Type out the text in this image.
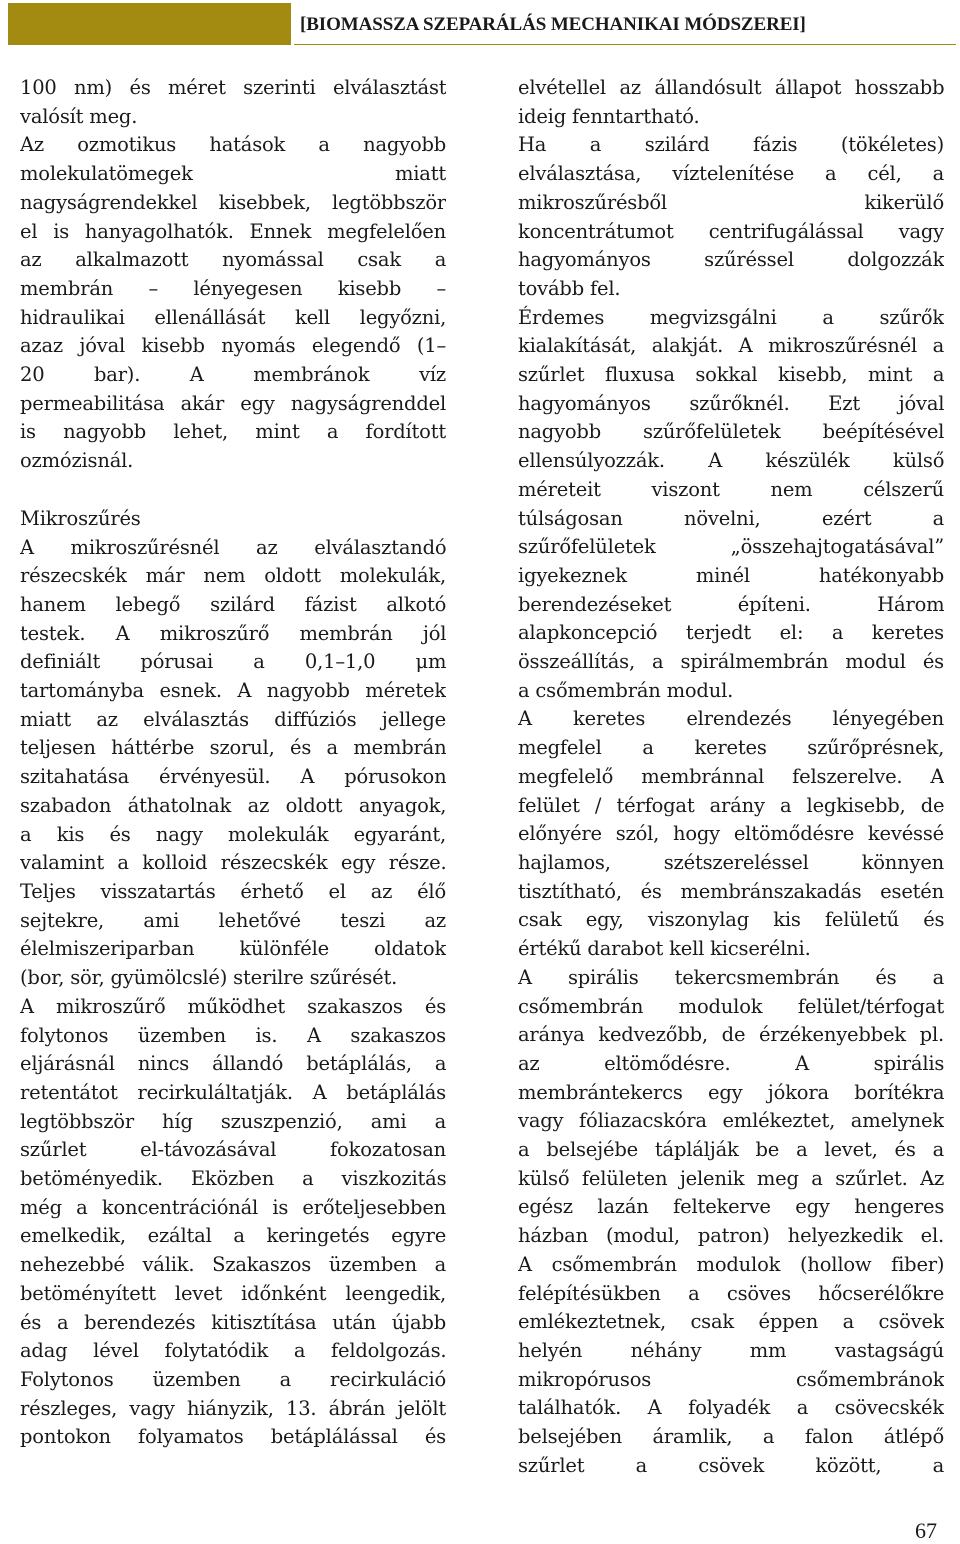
[BIOMASSZA SZEPARÁLÁS MECHANIKAI MÓDSZEREI]
100 nm) és méret szerinti elválasztást
valósít meg.
Az ozmotikus hatások a nagyobb
molekulatömegek miatt
nagyságrendekkel kisebbek, legtöbbször
el is hanyagolhatók. Ennek megfelelően
az alkalmazott nyomással csak a
membrán – lényegesen kisebb –
hidraulikai ellenállását kell legyőzni,
azaz jóval kisebb nyomás elegendő (1–
20 bar). A membránok víz
permeabilitása akár egy nagyságrenddel
is nagyobb lehet, mint a fordított
ozmózisnál.
Mikroszűrés
A mikroszűrésnél az elválasztandó
részecskék már nem oldott molekulák,
hanem lebegő szilárd fázist alkotó
testek. A mikroszűrő membrán jól
definiált pórusai a 0,1–1,0 μm
tartományba esnek. A nagyobb méretek
miatt az elválasztás diffúziós jellege
teljesen háttérbe szorul, és a membrán
szitahatása érvényesül. A pórusokon
szabadon áthatolnak az oldott anyagok,
a kis és nagy molekulák egyaránt,
valamint a kolloid részecskék egy része.
Teljes visszatartás érhető el az élő
sejtekre, ami lehetővé teszi az
élelmiszeriparban különféle oldatok
(bor, sör, gyümölcslé) sterilre szűrését.
A mikroszűrő működhet szakaszos és
folytonos üzemben is. A szakaszos
eljárásnál nincs állandó betáplálás, a
retentátot recirkuláltatják. A betáplálás
legtöbbször híg szuszpenzió, ami a
szűrlet el-távozásával fokozatosan
betöményedik. Eközben a viszkozitás
még a koncentrációnál is erőteljesebben
emelkedik, ezáltal a keringetés egyre
nehezebbé válik. Szakaszos üzemben a
betöményített levet időnként leengedik,
és a berendezés kitisztítása után újabb
adag lével folytatódik a feldolgozás.
Folytonos üzemben a recirkuláció
részleges, vagy hiányzik, 13. ábrán jelölt
pontokon folyamatos betáplálással és
elvétellel az állandósult állapot hosszabb
ideig fenntartható.
Ha a szilárd fázis (tökéletes)
elválasztása, víztelenítése a cél, a
mikroszűrésből kikerülő
koncentrátumot centrifugálással vagy
hagyományos szűréssel dolgozzák
tovább fel.
Érdemes megvizsgálni a szűrők
kialakítását, alakját. A mikroszűrésnél a
szűrlet fluxusa sokkal kisebb, mint a
hagyományos szűrőknél. Ezt jóval
nagyobb szűrőfelületek beépítésével
ellensúlyozzák. A készülék külső
méreteit viszont nem célszerű
túlságosan növelni, ezért a
szűrőfelületek „összehajtogatásával”
igyekeznek minél hatékonyabb
berendezéseket építeni. Három
alapkoncepció terjedt el: a keretes
összeállítás, a spirálmembrán modul és
a csőmembrán modul.
A keretes elrendezés lényegében
megfelel a keretes szűrőprésnek,
megfelelő membránnal felszerelve. A
felület / térfogat arány a legkisebb, de
előnyére szól, hogy eltömődésre kevéssé
hajlamos, szétszereléssel könnyen
tisztítható, és membránszakadás esetén
csak egy, viszonylag kis felületű és
értékű darabot kell kicserélni.
A spirális tekercsmembrán és a
csőmembrán modulok felület/térfogat
aránya kedvezőbb, de érzékenyebbek pl.
az eltömődésre. A spirális
membrántekercs egy jókora borítékra
vagy fóliazacskóra emlékeztet, amelynek
a belsejébe táplálják be a levet, és a
külső felületen jelenik meg a szűrlet. Az
egész lazán feltekerve egy hengeres
házban (modul, patron) helyezkedik el.
A csőmembrán modulok (hollow fiber)
felépítésükben a csöves hőcserélőkre
emlékeztetnek, csak éppen a csövek
helyén néhány mm vastagságú
mikropórusos csőmembránok
találhatók. A folyadék a csövecskék
belsejében áramlik, a falon átlépő
szűrlet a csövek között, a
67
